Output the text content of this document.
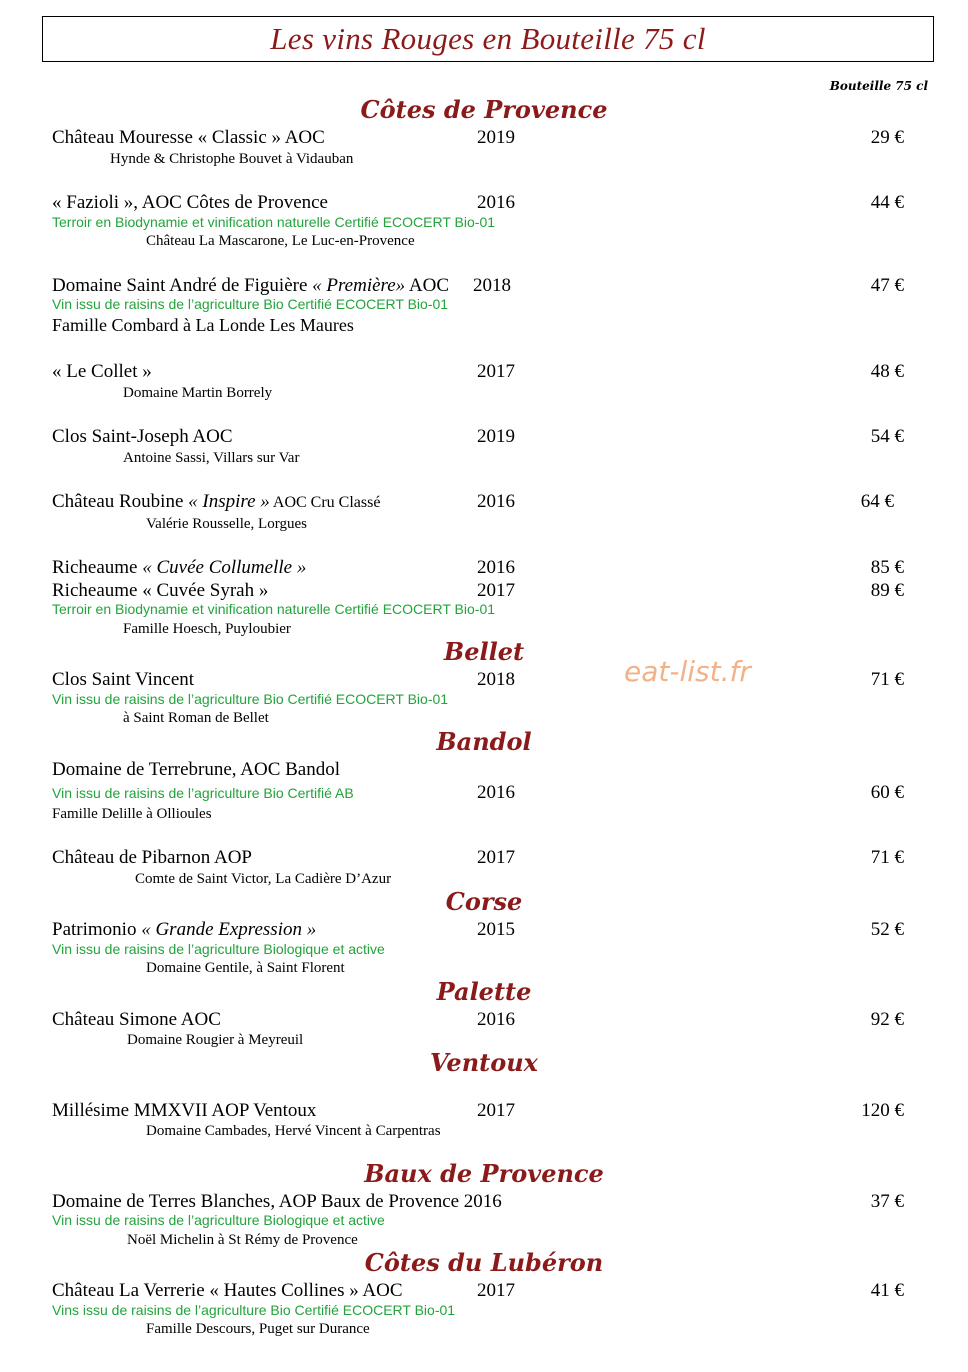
Les vins Rouges en Bouteille 75 cl
Bouteille 75 cl
Côtes de Provence
Château Mouresse « Classic » AOC	2019	29 €
Hynde & Christophe Bouvet à Vidauban
« Fazioli », AOC Côtes de Provence	2016	44 €
Terroir en Biodynamie et vinification naturelle Certifié ECOCERT Bio-01
Château La Mascarone, Le Luc-en-Provence
Domaine Saint André de Figuière « Première» AOC 2018	47 €
Vin issu de raisins de l’agriculture Bio Certifié ECOCERT Bio-01
Famille Combard à La Londe Les Maures
« Le Collet »	2017	48 €
Domaine Martin Borrely
Clos Saint-Joseph AOC	2019	54 €
Antoine Sassi, Villars sur Var
Château Roubine « Inspire » AOC Cru Classé	2016	64 €
Valérie Rousselle, Lorgues
Richeaume « Cuvée Collumelle »	2016	85 €
Richeaume « Cuvée Syrah »	2017	89 €
Terroir en Biodynamie et vinification naturelle Certifié ECOCERT Bio-01
Famille Hoesch, Puyloubier
Bellet
Clos Saint Vincent	2018	71 €
Vin issu de raisins de l’agriculture Bio Certifié ECOCERT Bio-01
à Saint Roman de Bellet
eat-list.fr
Bandol
Domaine de Terrebrune, AOC Bandol
Vin issu de raisins de l’agriculture Bio Certifié AB	2016	60 €
Famille Delille à Ollioules
Château de Pibarnon AOP	2017	71 €
Comte de Saint Victor, La Cadière D’Azur
Corse
Patrimonio « Grande Expression »	2015	52 €
Vin issu de raisins de l’agriculture Biologique et active
Domaine Gentile, à Saint Florent
Palette
Château Simone AOC	2016	92 €
Domaine Rougier à Meyreuil
Ventoux
Millésime MMXVII AOP Ventoux	2017	120 €
Domaine Cambades, Hervé Vincent à Carpentras
Baux de Provence
Domaine de Terres Blanches, AOP Baux de Provence 2016	37 €
Vin issu de raisins de l’agriculture Biologique et active
Noël Michelin à St Rémy de Provence
Côtes du Lubéron
Château La Verrerie « Hautes Collines » AOC	2017	41 €
Vins issu de raisins de l’agriculture Bio Certifié ECOCERT Bio-01
Famille Descours, Puget sur Durance
